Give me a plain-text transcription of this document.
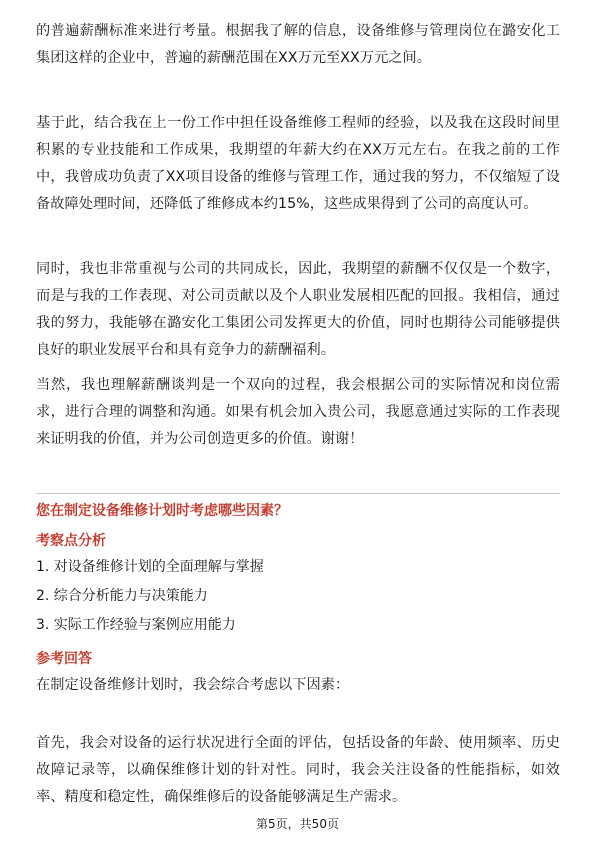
的普遍薪酬标准来进行考量。根据我了解的信息，设备维修与管理岗位在潞安化工集团这样的企业中，普遍的薪酬范围在XX万元至XX万元之间。

基于此，结合我在上一份工作中担任设备维修工程师的经验，以及我在这段时间里积累的专业技能和工作成果，我期望的年薪大约在XX万元左右。在我之前的工作中，我曾成功负责了XX项目设备的维修与管理工作，通过我的努力，不仅缩短了设备故障处理时间，还降低了维修成本约15%，这些成果得到了公司的高度认可。

同时，我也非常重视与公司的共同成长，因此，我期望的薪酬不仅仅是一个数字，而是与我的工作表现、对公司贡献以及个人职业发展相匹配的回报。我相信，通过我的努力，我能够在潞安化工集团公司发挥更大的价值，同时也期待公司能够提供良好的职业发展平台和具有竞争力的薪酬福利。

当然，我也理解薪酬谈判是一个双向的过程，我会根据公司的实际情况和岗位需求，进行合理的调整和沟通。如果有机会加入贵公司，我愿意通过实际的工作表现来证明我的价值，并为公司创造更多的价值。谢谢！

您在制定设备维修计划时考虑哪些因素？

考察点分析

1. 对设备维修计划的全面理解与掌握

2. 综合分析能力与决策能力

3. 实际工作经验与案例应用能力

参考回答

在制定设备维修计划时，我会综合考虑以下因素：

首先，我会对设备的运行状况进行全面的评估，包括设备的年龄、使用频率、历史故障记录等，以确保维修计划的针对性。同时，我会关注设备的性能指标，如效率、精度和稳定性，确保维修后的设备能够满足生产需求。

第5页，共50页
